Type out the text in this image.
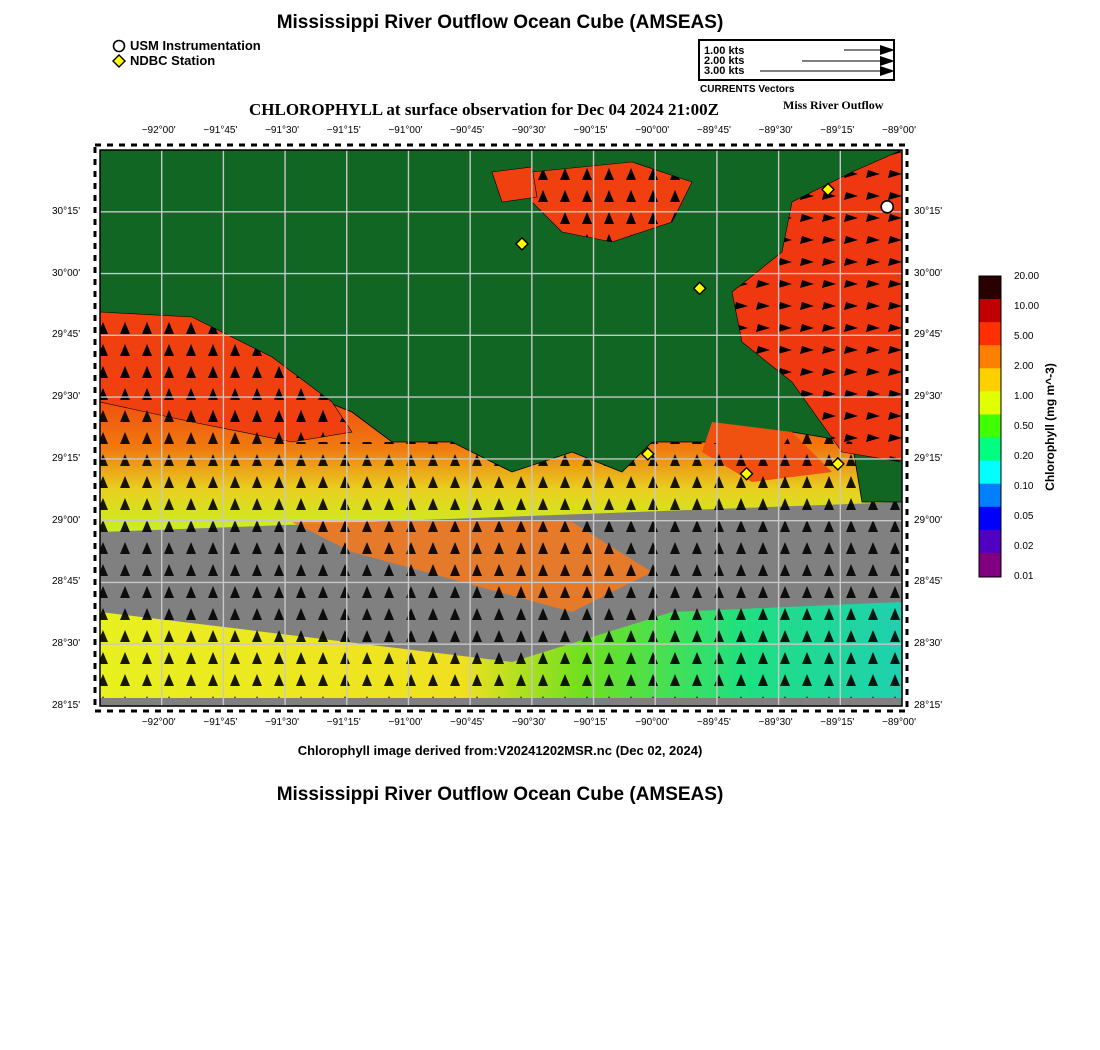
Mississippi River Outflow Ocean Cube (AMSEAS)
USM Instrumentation
NDBC Station
1.00 kts
2.00 kts
3.00 kts
CURRENTS Vectors
CHLOROPHYLL at surface observation for Dec 04 2024 21:00Z	Miss River Outflow
−92°00'	−91°45'	−91°30'	−91°15'	−91°00'	−90°45'	−90°30'	−90°15'	−90°00'	−89°45'	−89°30'	−89°15'	−89°00'
−92°00'	−91°45'	−91°30'	−91°15'	−91°00'	−90°45'	−90°30'	−90°15'	−90°00'	−89°45'	−89°30'	−89°15'	−89°00'
30°15'
30°00'
29°45'
29°30'
29°15'
29°00'
28°45'
28°30'
28°15'
30°15'
30°00'
29°45'
29°30'
29°15'
29°00'
28°45'
28°30'
28°15'
20.00
10.00
5.00
2.00
1.00
0.50
0.20
0.10
0.05
0.02
0.01
Chlorophyll (mg m^-3)
Chlorophyll image derived from:V20241202MSR.nc (Dec 02, 2024)
Mississippi River Outflow Ocean Cube (AMSEAS)
